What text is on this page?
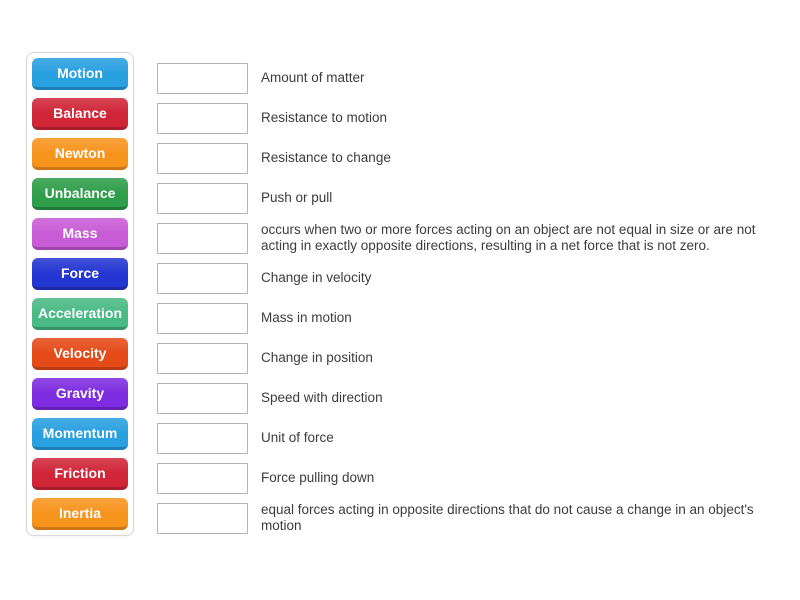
Motion
Balance
Newton
Unbalance
Mass
Force
Acceleration
Velocity
Gravity
Momentum
Friction
Inertia
Amount of matter
Resistance to motion
Resistance to change
Push or pull
occurs when two or more forces acting on an object are not equal in size or are not acting in exactly opposite directions, resulting in a net force that is not zero.
Change in velocity
Mass in motion
Change in position
Speed with direction
Unit of force
Force pulling down
equal forces acting in opposite directions that do not cause a change in an object's motion
